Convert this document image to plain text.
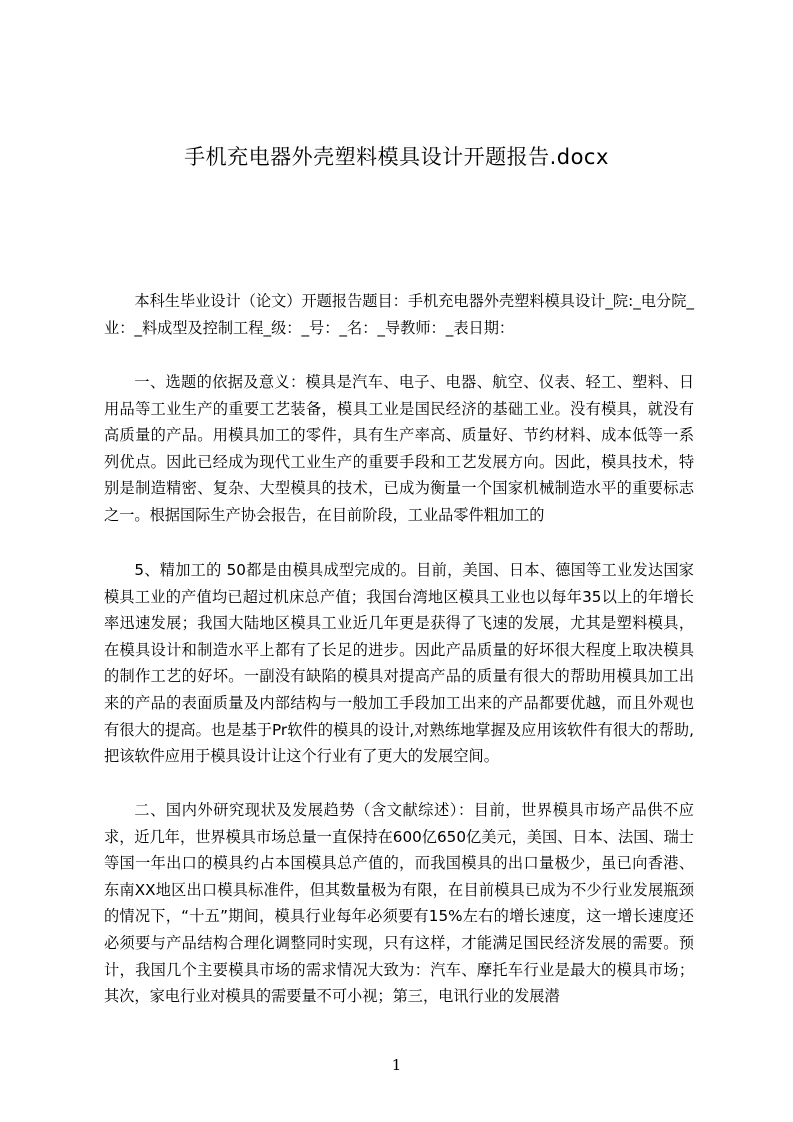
手机充电器外壳塑料模具设计开题报告.docx

本科生毕业设计（论文）开题报告题目：手机充电器外壳塑料模具设计_院:_电分院_业：_料成型及控制工程_级：_号：_名：_导教师：_表日期：

一、选题的依据及意义：模具是汽车、电子、电器、航空、仪表、轻工、塑料、日用品等工业生产的重要工艺装备，模具工业是国民经济的基础工业。没有模具，就没有高质量的产品。用模具加工的零件，具有生产率高、质量好、节约材料、成本低等一系列优点。因此已经成为现代工业生产的重要手段和工艺发展方向。因此，模具技术，特别是制造精密、复杂、大型模具的技术，已成为衡量一个国家机械制造水平的重要标志之一。根据国际生产协会报告，在目前阶段，工业品零件粗加工的

5、精加工的 50都是由模具成型完成的。目前，美国、日本、德国等工业发达国家模具工业的产值均已超过机床总产值；我国台湾地区模具工业也以每年35以上的年增长率迅速发展；我国大陆地区模具工业近几年更是获得了飞速的发展，尤其是塑料模具，在模具设计和制造水平上都有了长足的进步。因此产品质量的好坏很大程度上取决模具的制作工艺的好坏。一副没有缺陷的模具对提高产品的质量有很大的帮助用模具加工出来的产品的表面质量及内部结构与一般加工手段加工出来的产品都要优越，而且外观也有很大的提高。也是基于Pr软件的模具的设计,对熟练地掌握及应用该软件有很大的帮助,把该软件应用于模具设计让这个行业有了更大的发展空间。

二、国内外研究现状及发展趋势（含文献综述）：目前，世界模具市场产品供不应求，近几年，世界模具市场总量一直保持在600亿650亿美元，美国、日本、法国、瑞士等国一年出口的模具约占本国模具总产值的，而我国模具的出口量极少，虽已向香港、东南XX地区出口模具标准件，但其数量极为有限，在目前模具已成为不少行业发展瓶颈的情况下，“十五”期间，模具行业每年必须要有15%左右的增长速度，这一增长速度还必须要与产品结构合理化调整同时实现，只有这样，才能满足国民经济发展的需要。预计，我国几个主要模具市场的需求情况大致为：汽车、摩托车行业是最大的模具市场；其次，家电行业对模具的需要量不可小视；第三，电讯行业的发展潜

1
